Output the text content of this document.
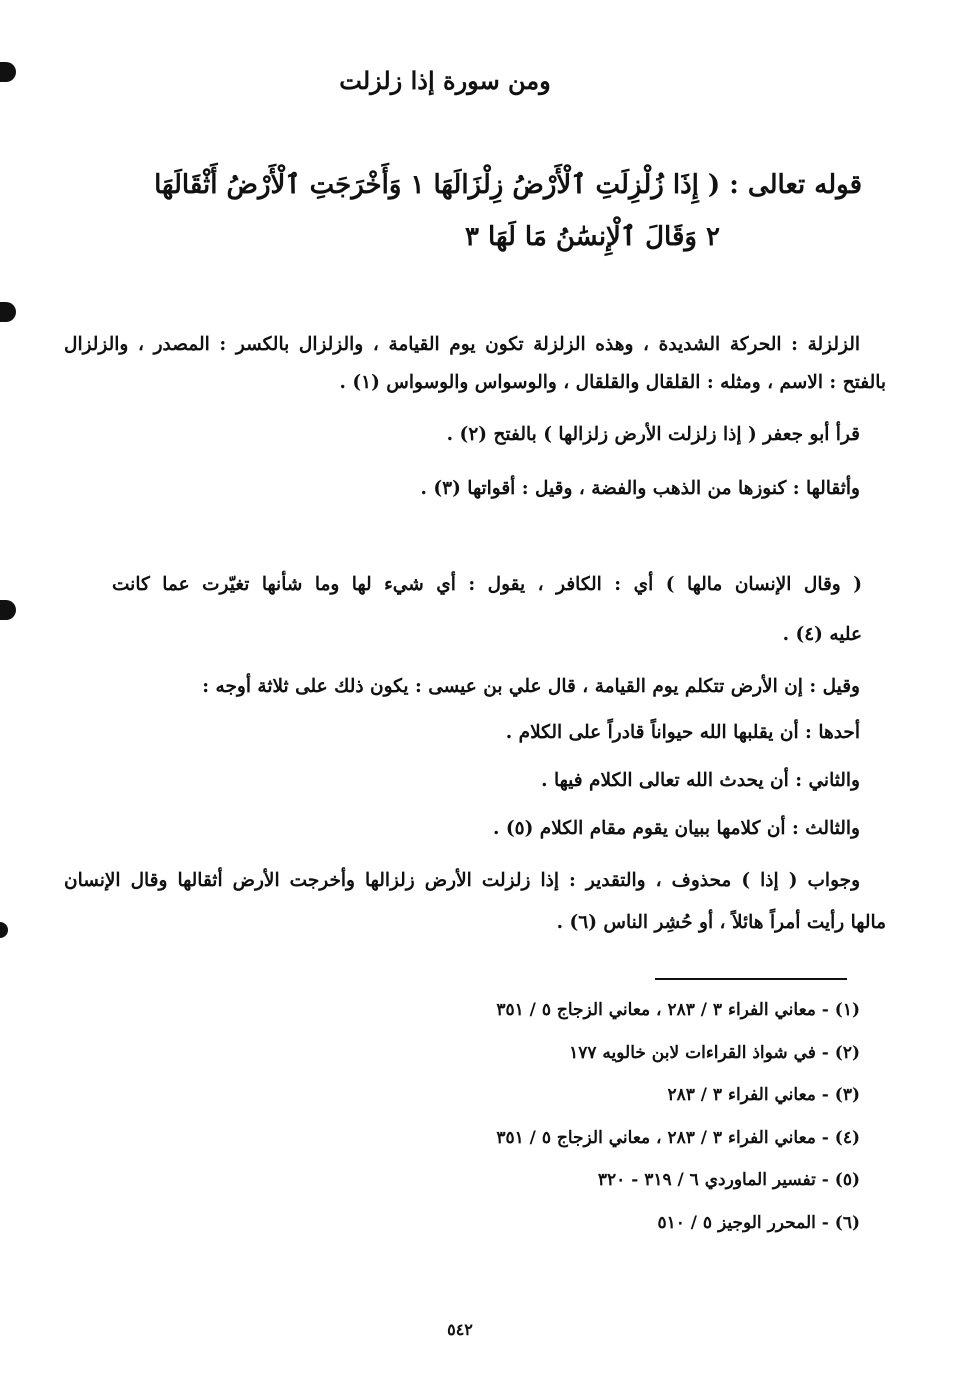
ومن سورة إذا زلزلت
قوله تعالى : ( إِذَا زُلْزِلَتِ ٱلْأَرْضُ زِلْزَالَهَا ١ وَأَخْرَجَتِ ٱلْأَرْضُ أَثْقَالَهَا
٢ وَقَالَ ٱلْإِنسَٰنُ مَا لَهَا ٣
الزلزلة : الحركة الشديدة ، وهذه الزلزلة تكون يوم القيامة ، والزلزال بالكسر : المصدر ، والزلزال
بالفتح : الاسم ، ومثله : القلقال والقلقال ، والوسواس والوسواس (١) .
قرأ أبو جعفر ( إذا زلزلت الأرض زلزالها ) بالفتح (٢) .
وأثقالها : كنوزها من الذهب والفضة ، وقيل : أقواتها (٣) .
( وقال الإنسان مالها ) أي : الكافر ، يقول : أي شيء لها وما شأنها تغيّرت عما كانت
عليه (٤) .
وقيل : إن الأرض تتكلم يوم القيامة ، قال علي بن عيسى : يكون ذلك على ثلاثة أوجه :
أحدها : أن يقلبها الله حيواناً قادراً على الكلام .
والثاني : أن يحدث الله تعالى الكلام فيها .
والثالث : أن كلامها ببيان يقوم مقام الكلام (٥) .
وجواب ( إذا ) محذوف ، والتقدير : إذا زلزلت الأرض زلزالها وأخرجت الأرض أثقالها وقال الإنسان
مالها رأيت أمراً هائلاً ، أو حُشِر الناس (٦) .
(١) - معاني الفراء ٣ / ٢٨٣ ، معاني الزجاج ٥ / ٣٥١
(٢) - في شواذ القراءات لابن خالويه ١٧٧
(٣) - معاني الفراء ٣ / ٢٨٣
(٤) - معاني الفراء ٣ / ٢٨٣ ، معاني الزجاج ٥ / ٣٥١
(٥) - تفسير الماوردي ٦ / ٣١٩ - ٣٢٠
(٦) - المحرر الوجيز ٥ / ٥١٠
٥٤٢
